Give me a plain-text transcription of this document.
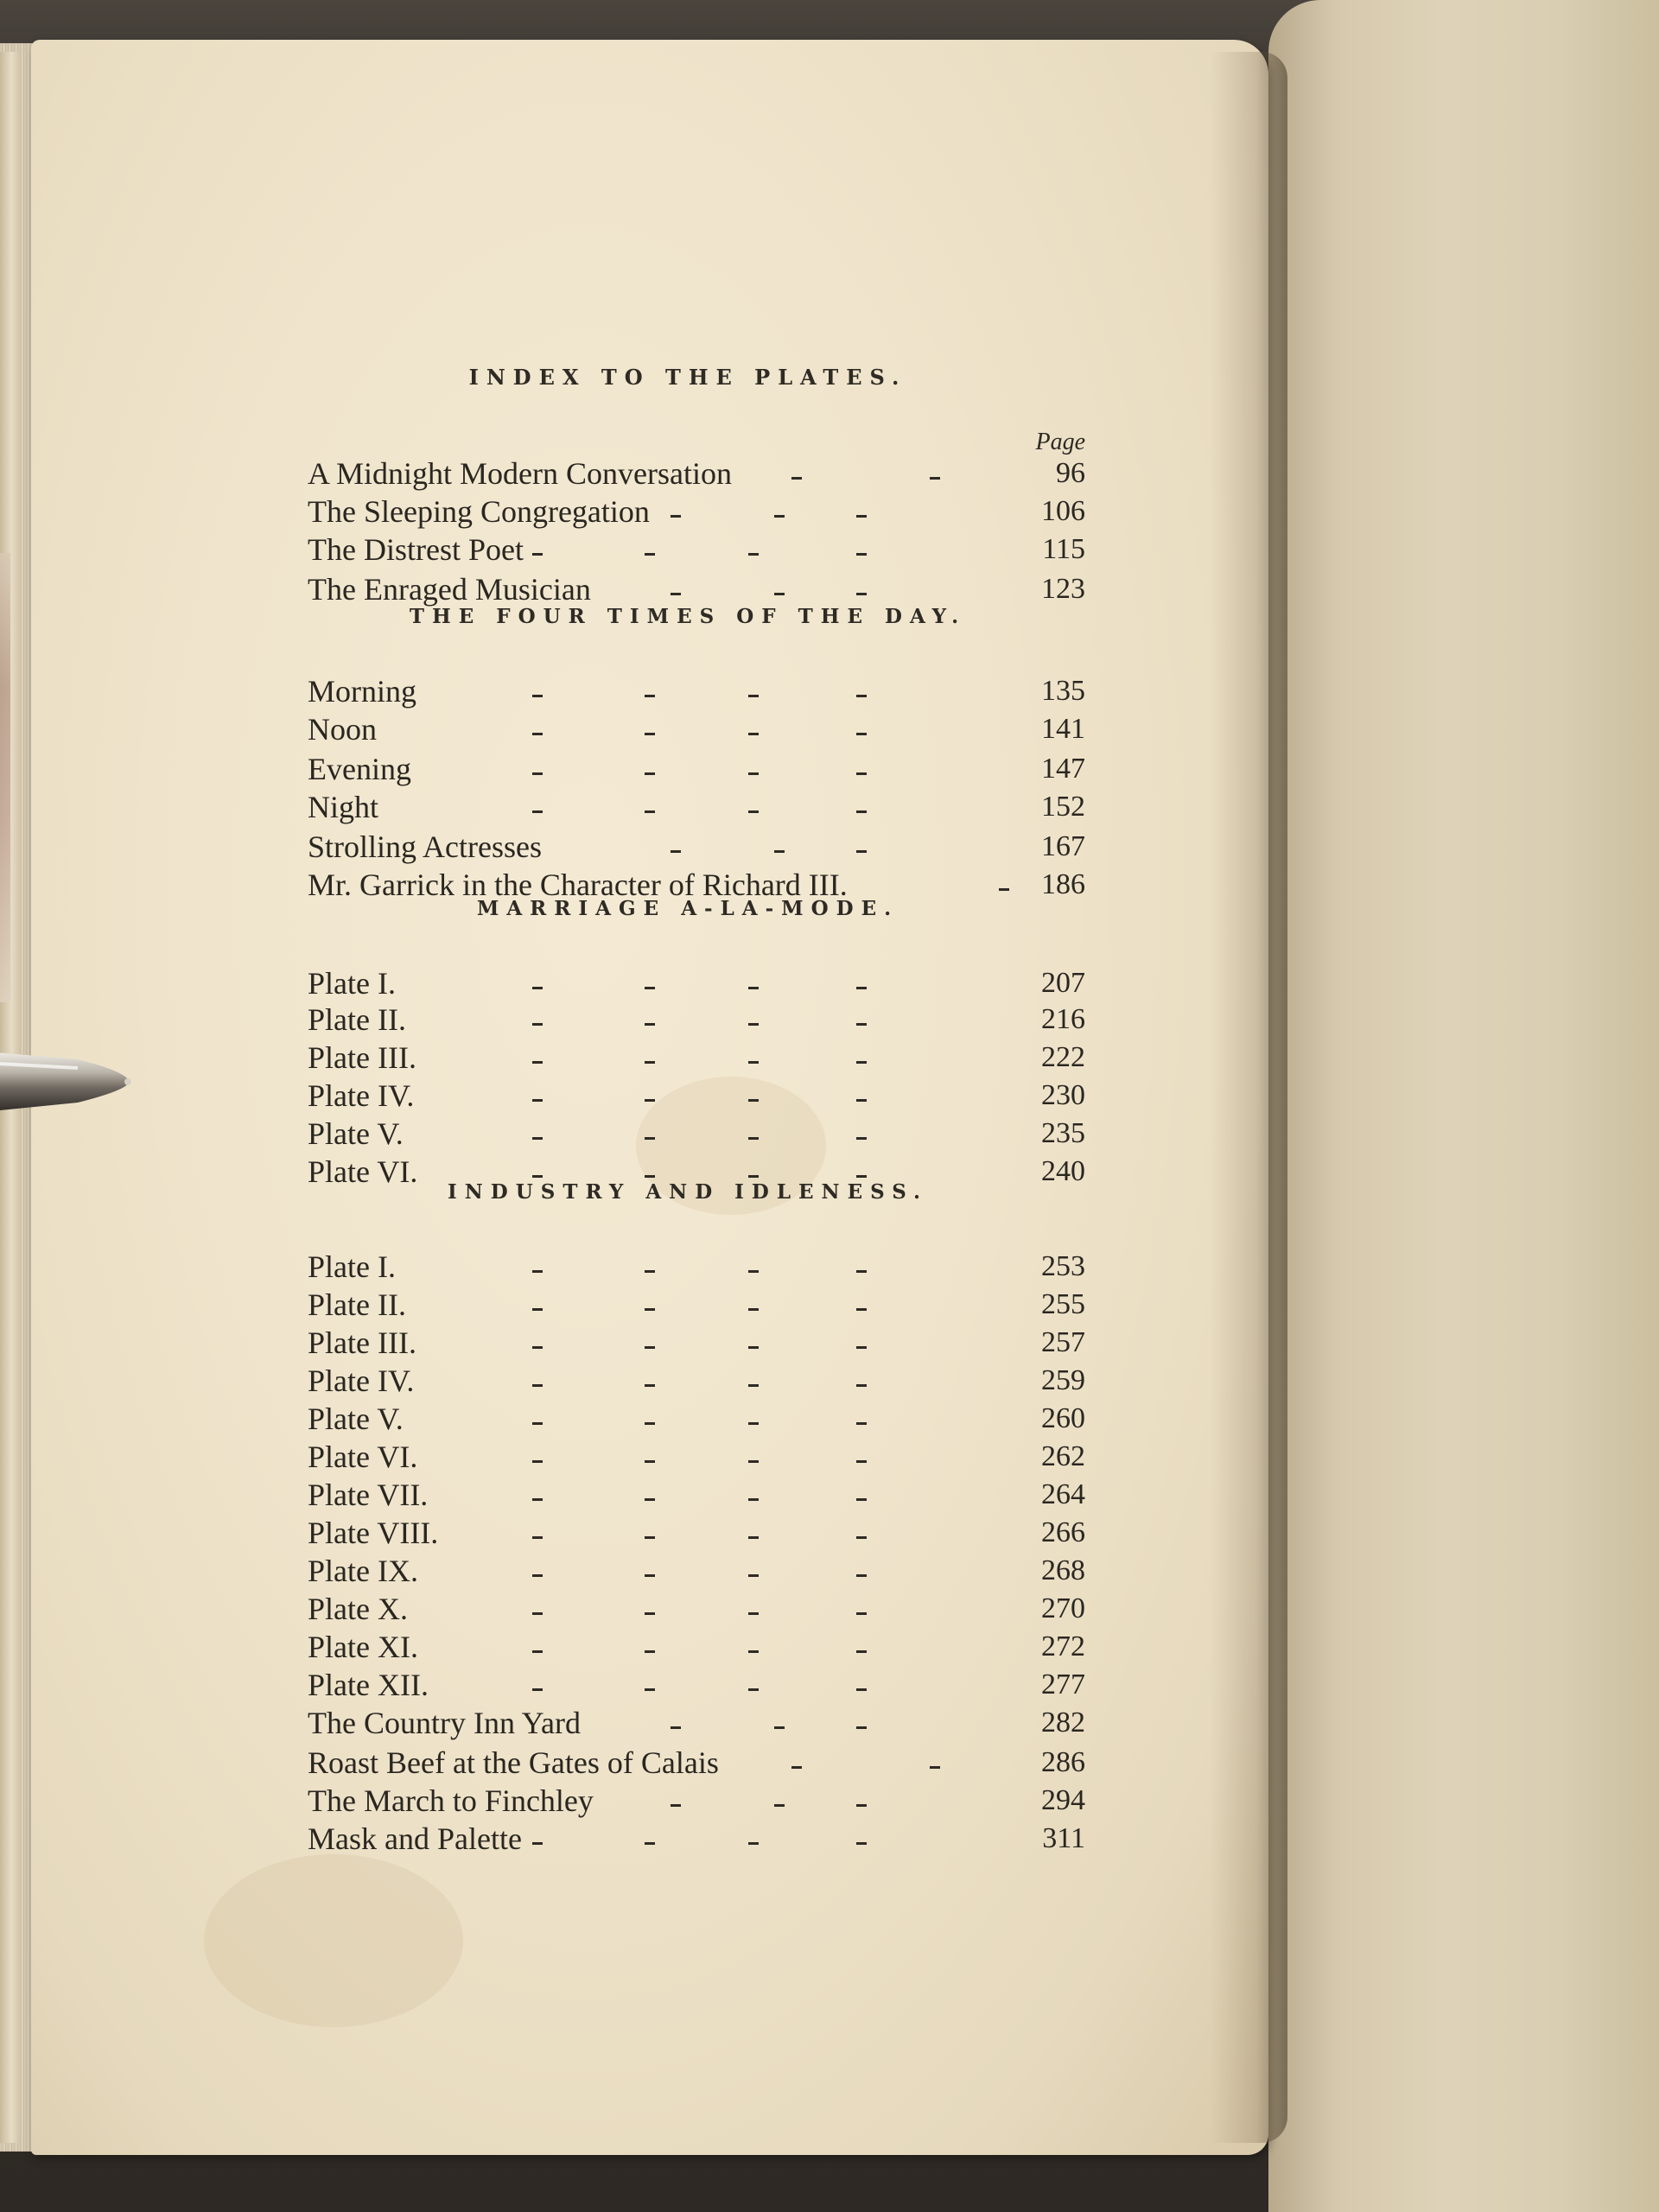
INDEX TO THE PLATES.
Page
THE FOUR TIMES OF THE DAY.
MARRIAGE A-LA-MODE.
INDUSTRY AND IDLENESS.
A Midnight Modern Conversation	96
The Sleeping Congregation	106
The Distrest Poet	115
The Enraged Musician	123
Morning	135
Noon	141
Evening	147
Night	152
Strolling Actresses	167
Mr. Garrick in the Character of Richard III.	186
Plate I.	207
Plate II.	216
Plate III.	222
Plate IV.	230
Plate V.	235
Plate VI.	240
Plate I.	253
Plate II.	255
Plate III.	257
Plate IV.	259
Plate V.	260
Plate VI.	262
Plate VII.	264
Plate VIII.	266
Plate IX.	268
Plate X.	270
Plate XI.	272
Plate XII.	277
The Country Inn Yard	282
Roast Beef at the Gates of Calais	286
The March to Finchley	294
Mask and Palette	311
